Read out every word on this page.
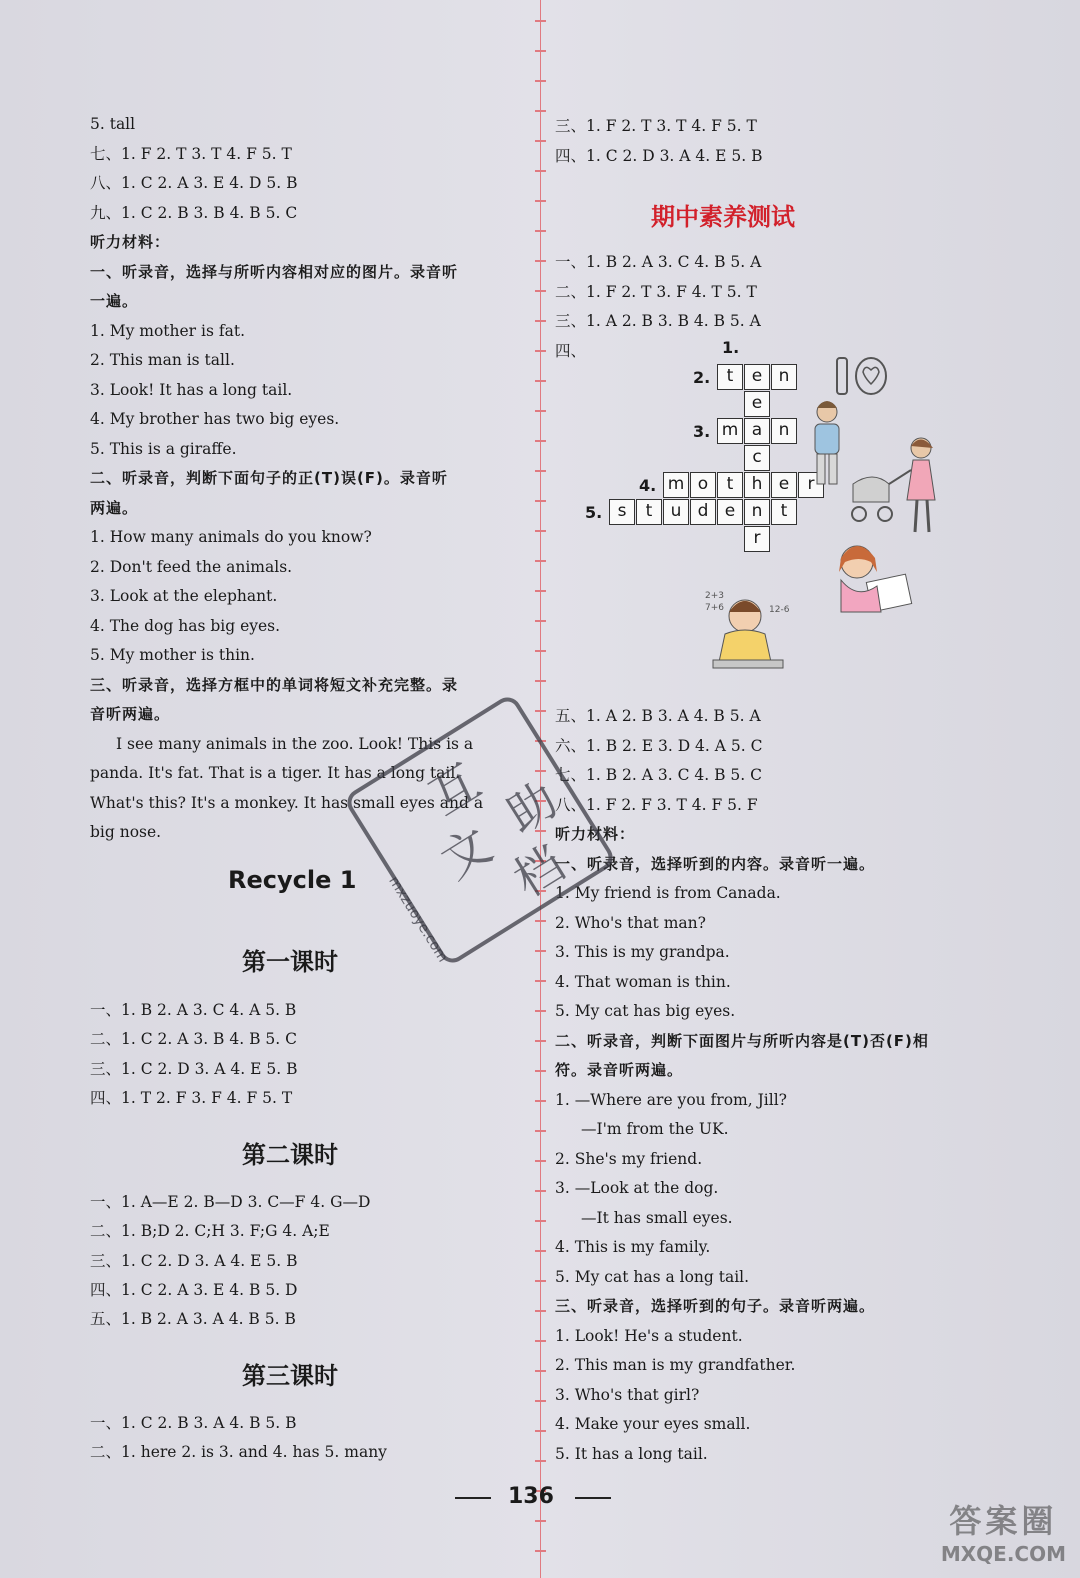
5. tall
七、1. F 2. T 3. T 4. F 5. T
八、1. C 2. A 3. E 4. D 5. B
九、1. C 2. B 3. B 4. B 5. C
听力材料：
一、听录音，选择与所听内容相对应的图片。录音听
一遍。
1. My mother is fat.
2. This man is tall.
3. Look! It has a long tail.
4. My brother has two big eyes.
5. This is a giraffe.
二、听录音，判断下面句子的正(T)误(F)。录音听
两遍。
1. How many animals do you know?
2. Don't feed the animals.
3. Look at the elephant.
4. The dog has big eyes.
5. My mother is thin.
三、听录音，选择方框中的单词将短文补充完整。录
音听两遍。
I see many animals in the zoo. Look! This is a
panda. It's fat. That is a tiger. It has a long tail.
What's this? It's a monkey. It has small eyes and a
big nose.
Recycle 1
第一课时
一、1. B 2. A 3. C 4. A 5. B
二、1. C 2. A 3. B 4. B 5. C
三、1. C 2. D 3. A 4. E 5. B
四、1. T 2. F 3. F 4. F 5. T
第二课时
一、1. A—E 2. B—D 3. C—F 4. G—D
二、1. B;D 2. C;H 3. F;G 4. A;E
三、1. C 2. D 3. A 4. E 5. B
四、1. C 2. A 3. E 4. B 5. D
五、1. B 2. A 3. A 4. B 5. B
第三课时
一、1. C 2. B 3. A 4. B 5. B
二、1. here 2. is 3. and 4. has 5. many
三、1. F 2. T 3. T 4. F 5. T
四、1. C 2. D 3. A 4. E 5. B
期中素养测试
一、1. B 2. A 3. C 4. B 5. A
二、1. F 2. T 3. F 4. T 5. T
三、1. A 2. B 3. B 4. B 5. A
四、	1.
2. t	e n
e
3. m a n
c
4. m o	t	h e	r
5. s	t	u d e n	t
r
2+3
7+6	12-6
五、1. A 2. B 3. A 4. B 5. A
六、1. B 2. E 3. D 4. A 5. C
七、1. B 2. A 3. C 4. B 5. C
八、1. F 2. F 3. T 4. F 5. F
听力材料：
一、听录音，选择听到的内容。录音听一遍。
1. My friend is from Canada.
2. Who's that man?
3. This is my grandpa.
4. That woman is thin.
5. My cat has big eyes.
二、听录音，判断下面图片与所听内容是(T)否(F)相
符。录音听两遍。
1. —Where are you from, Jill?
—I'm from the UK.
2. She's my friend.
3. —Look at the dog.
—It has small eyes.
4. This is my family.
5. My cat has a long tail.
三、听录音，选择听到的句子。录音听两遍。
1. Look! He's a student.
2. This man is my grandfather.
3. Who's that girl?
4. Make your eyes small.
5. It has a long tail.
互 助
文 档
mxzuoye.com
136
答案圈
MXQE.COM
